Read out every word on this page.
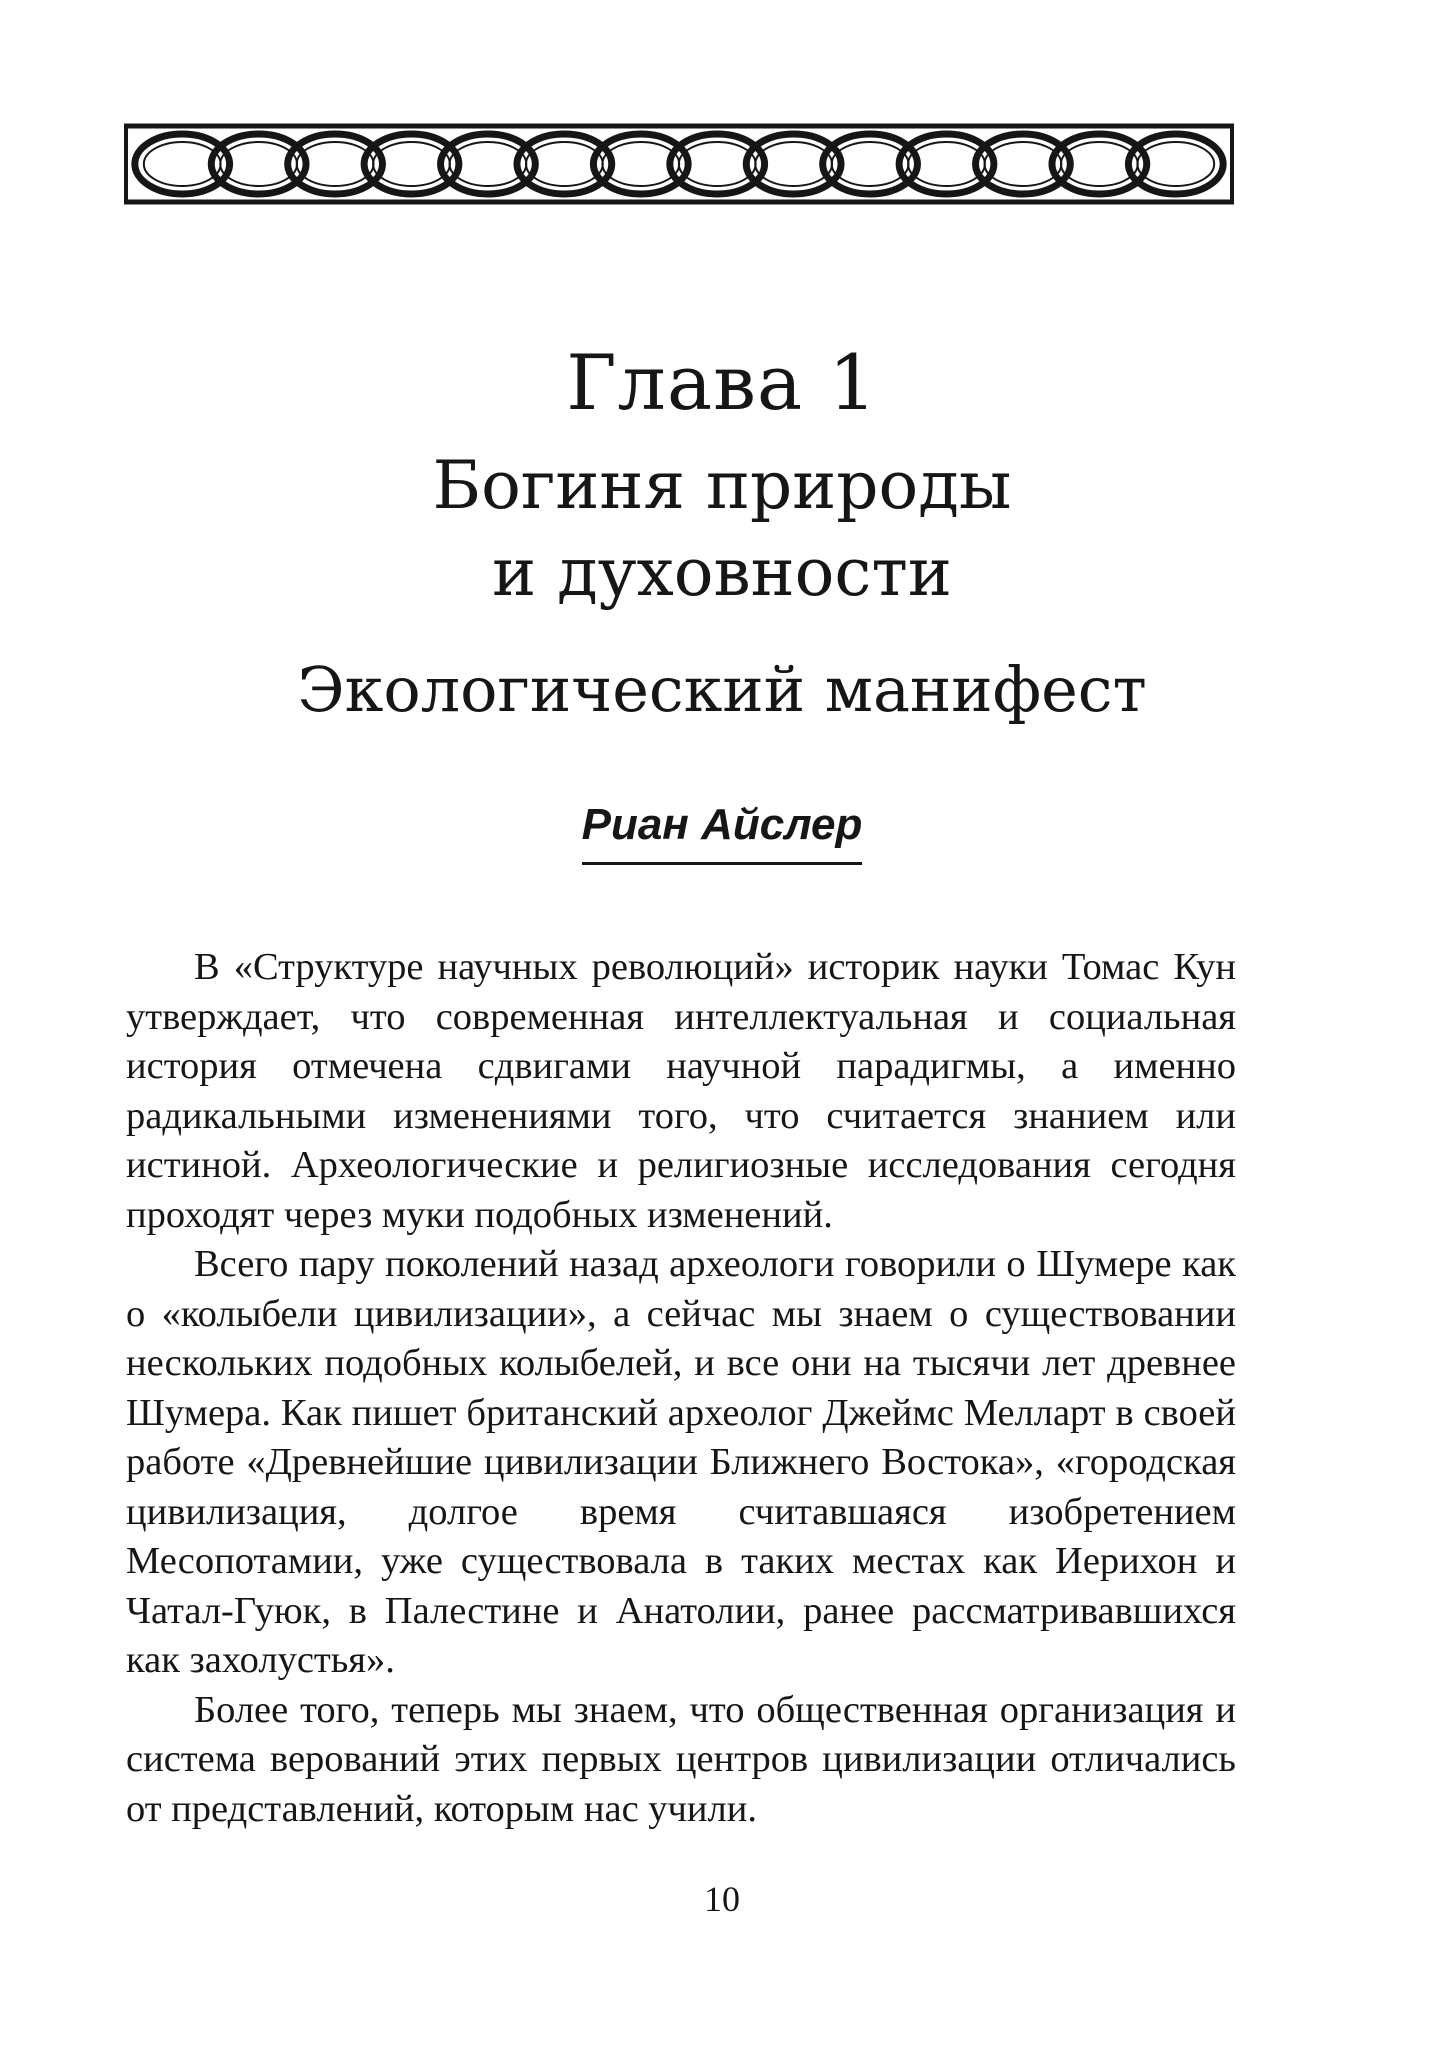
Глава 1
Богиня природы
и духовности
Экологический манифест
Риан Айслер

В «Структуре научных революций» историк науки Томас Кун утверждает, что современная интеллектуальная и социальная история отмечена сдвигами научной парадигмы, а именно радикальными изменениями того, что считается знанием или истиной. Археологические и религиозные исследования сегодня проходят через муки подобных изменений.

Всего пару поколений назад археологи говорили о Шумере как о «колыбели цивилизации», а сейчас мы знаем о существовании нескольких подобных колыбелей, и все они на тысячи лет древнее Шумера. Как пишет британский археолог Джеймс Мелларт в своей работе «Древнейшие цивилизации Ближнего Востока», «городская цивилизация, долгое время считавшаяся изобретением Месопотамии, уже существовала в таких местах как Иерихон и Чатал-Гуюк, в Палестине и Анатолии, ранее рассматривавшихся как захолустья».

Более того, теперь мы знаем, что общественная организация и система верований этих первых центров цивилизации отличались от представлений, которым нас учили.

10
